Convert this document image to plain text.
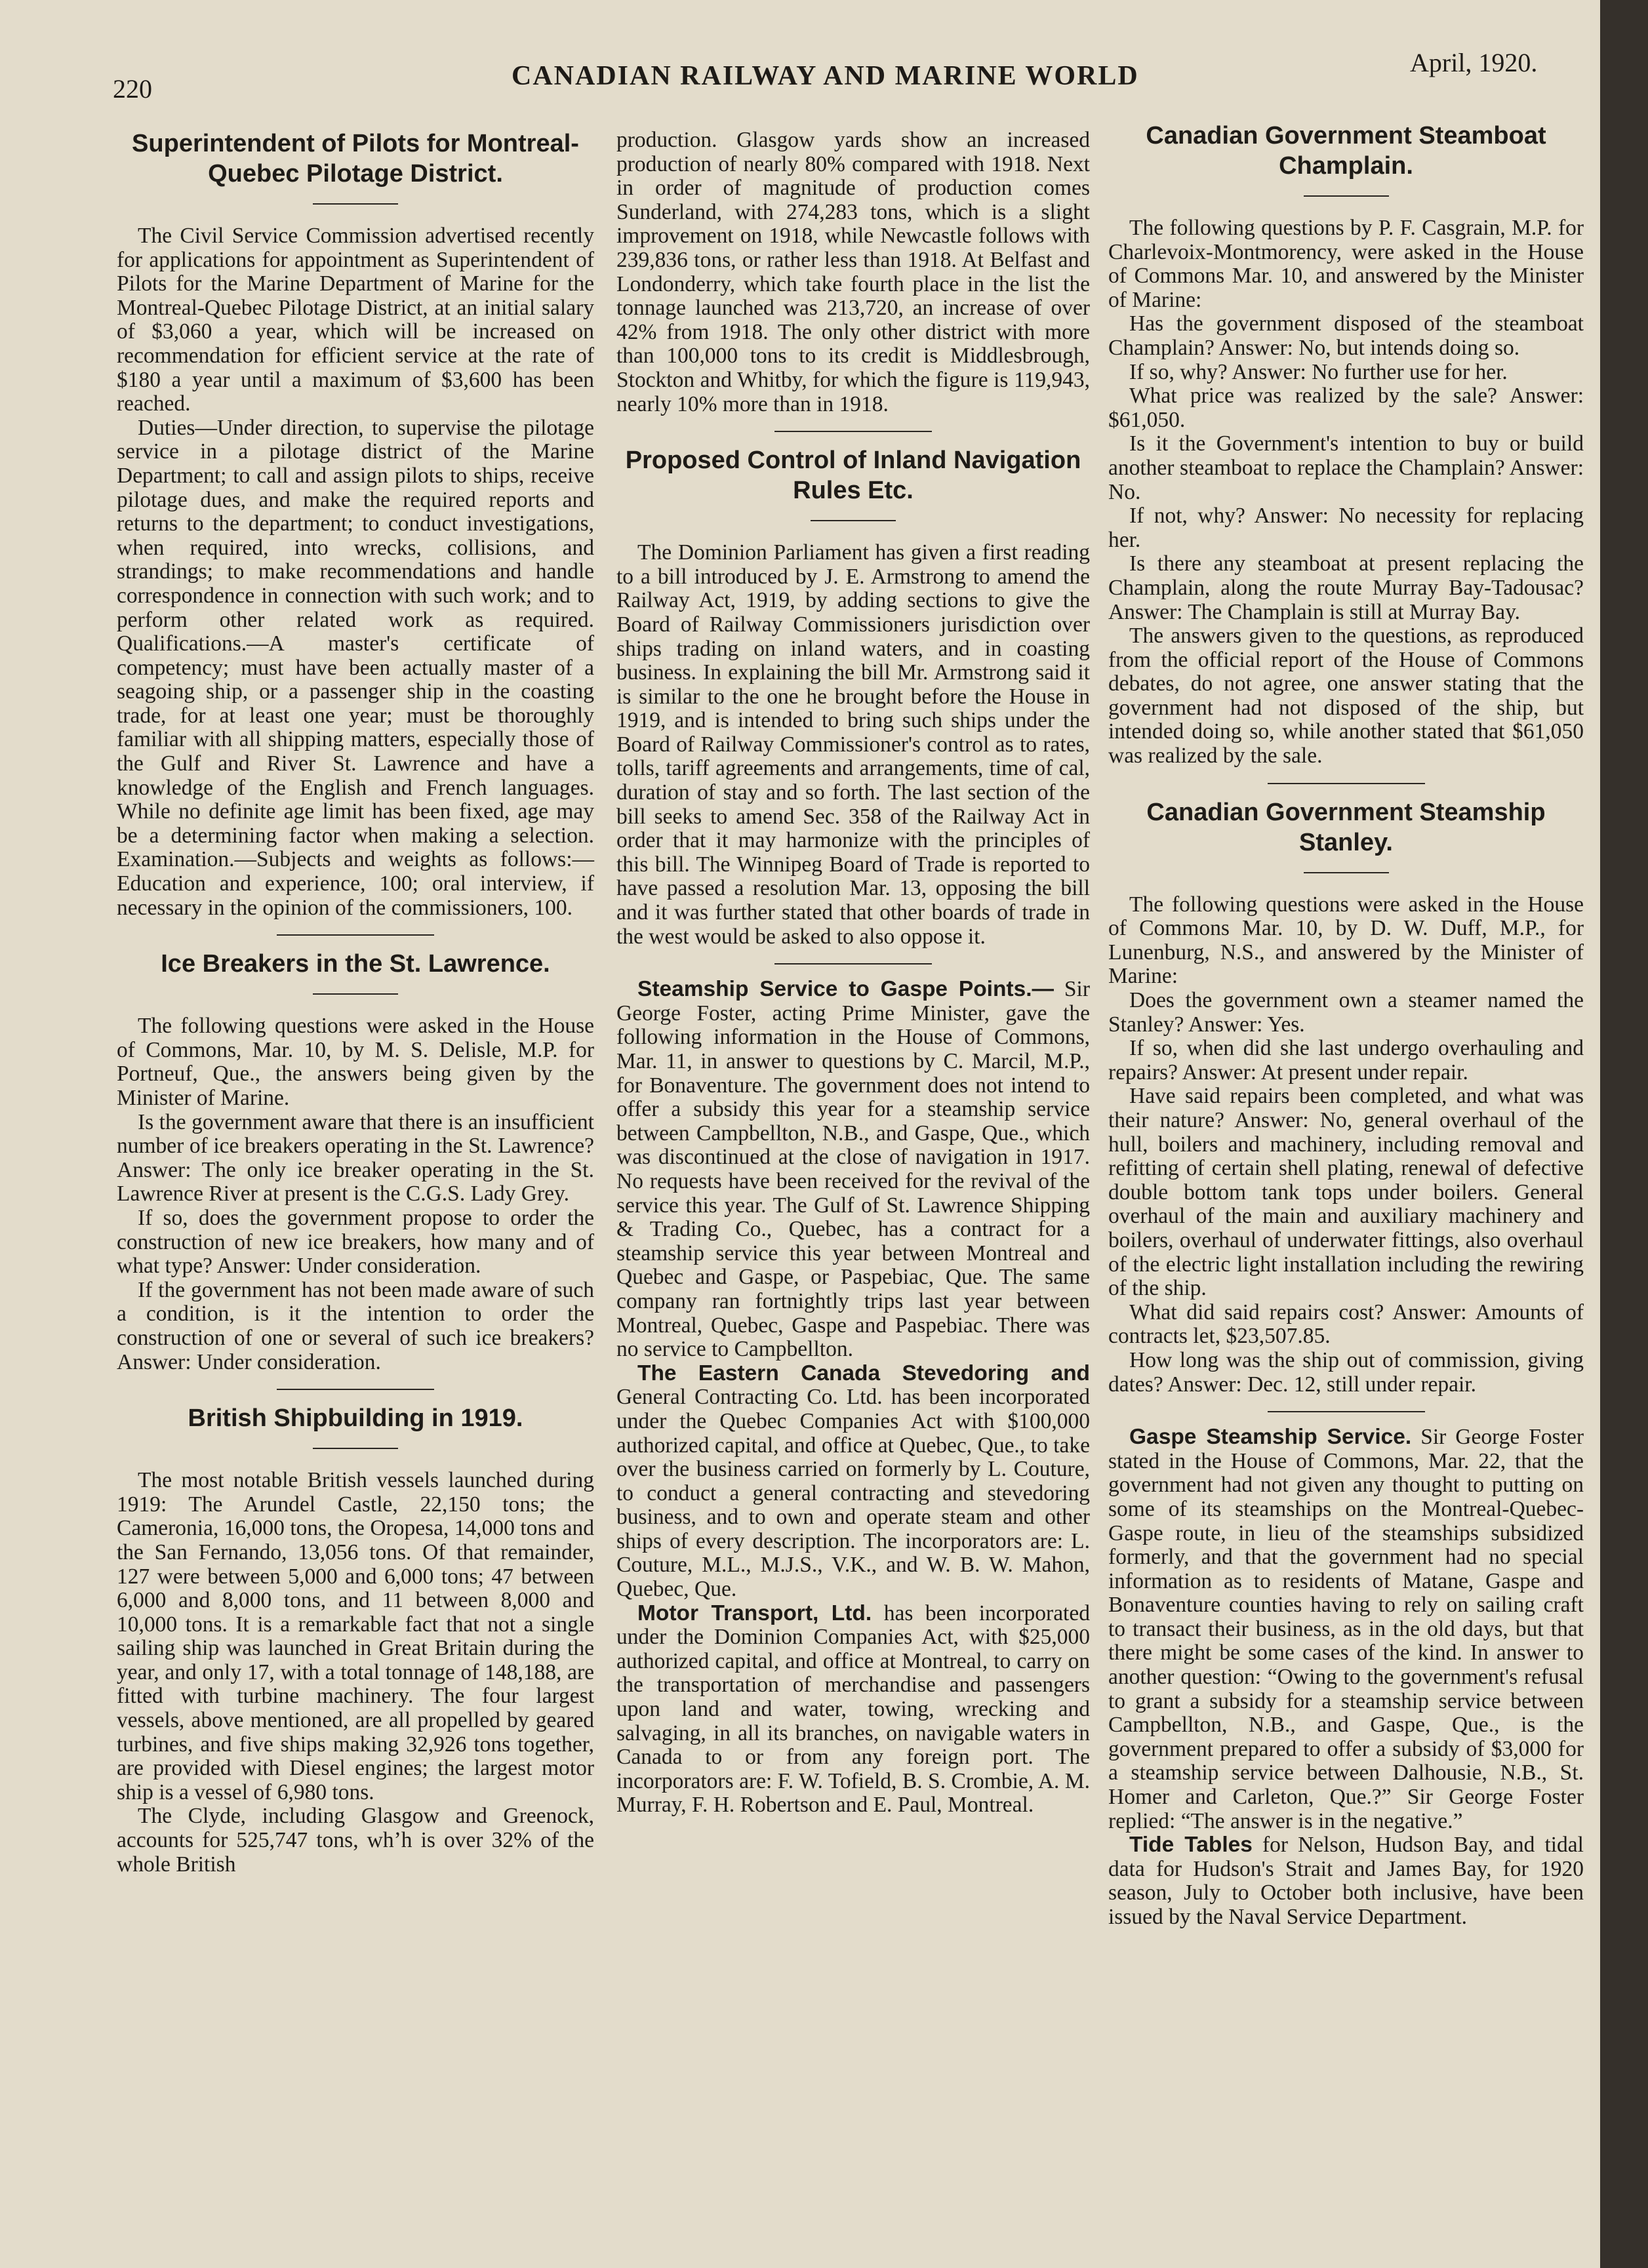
220	CANADIAN RAILWAY AND MARINE WORLD	April, 1920.
Superintendent of Pilots for Montreal-Quebec Pilotage District.

The Civil Service Commission advertised recently for applications for appointment as Superintendent of Pilots for the Marine Department of Marine for the Montreal-Quebec Pilotage District, at an initial salary of $3,060 a year, which will be increased on recommendation for efficient service at the rate of $180 a year until a maximum of $3,600 has been reached.

Duties—Under direction, to supervise the pilotage service in a pilotage district of the Marine Department; to call and assign pilots to ships, receive pilotage dues, and make the required reports and returns to the department; to conduct investigations, when required, into wrecks, collisions, and strandings; to make recommendations and handle correspondence in connection with such work; and to perform other related work as required. Qualifications.—A master's certificate of competency; must have been actually master of a seagoing ship, or a passenger ship in the coasting trade, for at least one year; must be thoroughly familiar with all shipping matters, especially those of the Gulf and River St. Lawrence and have a knowledge of the English and French languages. While no definite age limit has been fixed, age may be a determining factor when making a selection. Examination.—Subjects and weights as follows:—Education and experience, 100; oral interview, if necessary in the opinion of the commissioners, 100.

Ice Breakers in the St. Lawrence.

The following questions were asked in the House of Commons, Mar. 10, by M. S. Delisle, M.P. for Portneuf, Que., the answers being given by the Minister of Marine.

Is the government aware that there is an insufficient number of ice breakers operating in the St. Lawrence? Answer: The only ice breaker operating in the St. Lawrence River at present is the C.G.S. Lady Grey.

If so, does the government propose to order the construction of new ice breakers, how many and of what type? Answer: Under consideration.

If the government has not been made aware of such a condition, is it the intention to order the construction of one or several of such ice breakers? Answer: Under consideration.

British Shipbuilding in 1919.

The most notable British vessels launched during 1919: The Arundel Castle, 22,150 tons; the Cameronia, 16,000 tons, the Oropesa, 14,000 tons and the San Fernando, 13,056 tons. Of that remainder, 127 were between 5,000 and 6,000 tons; 47 between 6,000 and 8,000 tons, and 11 between 8,000 and 10,000 tons. It is a remarkable fact that not a single sailing ship was launched in Great Britain during the year, and only 17, with a total tonnage of 148,188, are fitted with turbine machinery. The four largest vessels, above mentioned, are all propelled by geared turbines, and five ships making 32,926 tons together, are provided with Diesel engines; the largest motor ship is a vessel of 6,980 tons.

The Clyde, including Glasgow and Greenock, accounts for 525,747 tons, wh⁠ʼ⁠h is over 32% of the whole British

production. Glasgow yards show an increased production of nearly 80% compared with 1918. Next in order of magnitude of production comes Sunderland, with 274,283 tons, which is a slight improvement on 1918, while Newcastle follows with 239,836 tons, or rather less than 1918. At Belfast and Londonderry, which take fourth place in the list the tonnage launched was 213,720, an increase of over 42% from 1918. The only other district with more than 100,000 tons to its credit is Middlesbrough, Stockton and Whitby, for which the figure is 119,943, nearly 10% more than in 1918.

Proposed Control of Inland Navigation Rules Etc.

The Dominion Parliament has given a first reading to a bill introduced by J. E. Armstrong to amend the Railway Act, 1919, by adding sections to give the Board of Railway Commissioners jurisdiction over ships trading on inland waters, and in coasting business. In explaining the bill Mr. Armstrong said it is similar to the one he brought before the House in 1919, and is intended to bring such ships under the Board of Railway Commissioner's control as to rates, tolls, tariff agreements and arrangements, time of cal, duration of stay and so forth. The last section of the bill seeks to amend Sec. 358 of the Railway Act in order that it may harmonize with the principles of this bill. The Winnipeg Board of Trade is reported to have passed a resolution Mar. 13, opposing the bill and it was further stated that other boards of trade in the west would be asked to also oppose it.

Steamship Service to Gaspe Points.— Sir George Foster, acting Prime Minister, gave the following information in the House of Commons, Mar. 11, in answer to questions by C. Marcil, M.P., for Bonaventure. The government does not intend to offer a subsidy this year for a steamship service between Campbellton, N.B., and Gaspe, Que., which was discontinued at the close of navigation in 1917. No requests have been received for the revival of the service this year. The Gulf of St. Lawrence Shipping & Trading Co., Quebec, has a contract for a steamship service this year between Montreal and Quebec and Gaspe, or Paspebiac, Que. The same company ran fortnightly trips last year between Montreal, Quebec, Gaspe and Paspebiac. There was no service to Campbellton.

The Eastern Canada Stevedoring and General Contracting Co. Ltd. has been incorporated under the Quebec Companies Act with $100,000 authorized capital, and office at Quebec, Que., to take over the business carried on formerly by L. Couture, to conduct a general contracting and stevedoring business, and to own and operate steam and other ships of every description. The incorporators are: L. Couture, M.L., M.J.S., V.K., and W. B. W. Mahon, Quebec, Que.

Motor Transport, Ltd. has been incorporated under the Dominion Companies Act, with $25,000 authorized capital, and office at Montreal, to carry on the transportation of merchandise and passengers upon land and water, towing, wrecking and salvaging, in all its branches, on navigable waters in Canada to or from any foreign port. The incorporators are: F. W. Tofield, B. S. Crombie, A. M. Murray, F. H. Robertson and E. Paul, Montreal.

Canadian Government Steamboat Champlain.

The following questions by P. F. Casgrain, M.P. for Charlevoix-Montmorency, were asked in the House of Commons Mar. 10, and answered by the Minister of Marine:

Has the government disposed of the steamboat Champlain? Answer: No, but intends doing so.

If so, why? Answer: No further use for her.

What price was realized by the sale? Answer: $61,050.

Is it the Government's intention to buy or build another steamboat to replace the Champlain? Answer: No.

If not, why? Answer: No necessity for replacing her.

Is there any steamboat at present replacing the Champlain, along the route Murray Bay-Tadousac? Answer: The Champlain is still at Murray Bay.

The answers given to the questions, as reproduced from the official report of the House of Commons debates, do not agree, one answer stating that the government had not disposed of the ship, but intended doing so, while another stated that $61,050 was realized by the sale.

Canadian Government Steamship Stanley.

The following questions were asked in the House of Commons Mar. 10, by D. W. Duff, M.P., for Lunenburg, N.S., and answered by the Minister of Marine:

Does the government own a steamer named the Stanley? Answer: Yes.

If so, when did she last undergo overhauling and repairs? Answer: At present under repair.

Have said repairs been completed, and what was their nature? Answer: No, general overhaul of the hull, boilers and machinery, including removal and refitting of certain shell plating, renewal of defective double bottom tank tops under boilers. General overhaul of the main and auxiliary machinery and boilers, overhaul of underwater fittings, also overhaul of the electric light installation including the rewiring of the ship.

What did said repairs cost? Answer: Amounts of contracts let, $23,507.85.

How long was the ship out of commission, giving dates? Answer: Dec. 12, still under repair.

Gaspe Steamship Service. Sir George Foster stated in the House of Commons, Mar. 22, that the government had not given any thought to putting on some of its steamships on the Montreal-Quebec-Gaspe route, in lieu of the steamships subsidized formerly, and that the government had no special information as to residents of Matane, Gaspe and Bonaventure counties having to rely on sailing craft to transact their business, as in the old days, but that there might be some cases of the kind. In answer to another question: “Owing to the government's refusal to grant a subsidy for a steamship service between Campbellton, N.B., and Gaspe, Que., is the government prepared to offer a subsidy of $3,000 for a steamship service between Dalhousie, N.B., St. Homer and Carleton, Que.?” Sir George Foster replied: “The answer is in the negative.”

Tide Tables for Nelson, Hudson Bay, and tidal data for Hudson's Strait and James Bay, for 1920 season, July to October both inclusive, have been issued by the Naval Service Department.
